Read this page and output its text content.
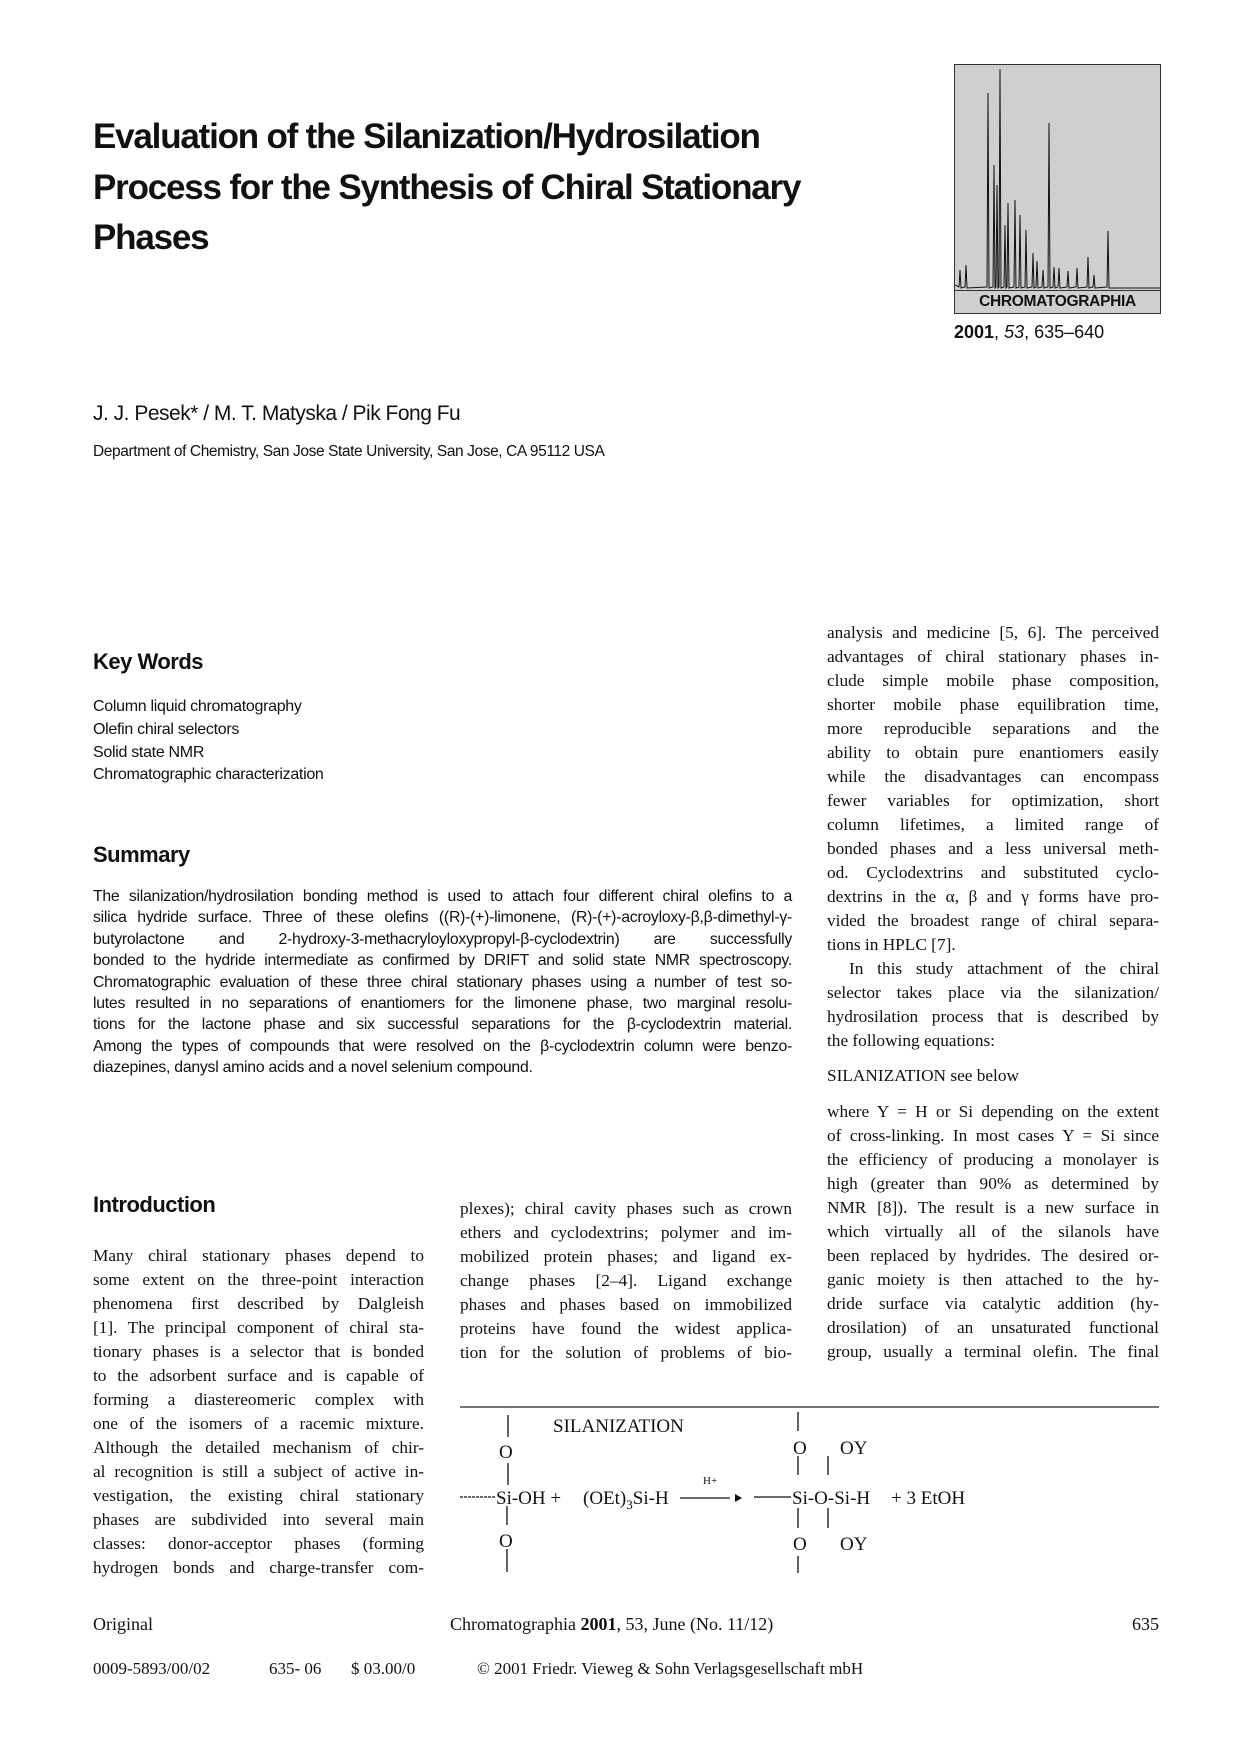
Evaluation of the Silanization/Hydrosilation
Process for the Synthesis of Chiral Stationary
Phases
CHROMATOGRAPHIA
2001, 53, 635–640
J. J. Pesek* / M. T. Matyska / Pik Fong Fu
Department of Chemistry, San Jose State University, San Jose, CA 95112 USA
Key Words
Column liquid chromatography
Olefin chiral selectors
Solid state NMR
Chromatographic characterization
Summary
The silanization/hydrosilation bonding method is used to attach four different chiral olefins to a
silica hydride surface. Three of these olefins ((R)-(+)-limonene, (R)-(+)-acroyloxy-β,β-dimethyl-γ-
butyrolactone and 2-hydroxy-3-methacryloyloxypropyl-β-cyclodextrin) are successfully
bonded to the hydride intermediate as confirmed by DRIFT and solid state NMR spectroscopy.
Chromatographic evaluation of these three chiral stationary phases using a number of test so-
lutes resulted in no separations of enantiomers for the limonene phase, two marginal resolu-
tions for the lactone phase and six successful separations for the β-cyclodextrin material.
Among the types of compounds that were resolved on the β-cyclodextrin column were benzo-
diazepines, danysl amino acids and a novel selenium compound.
Introduction
Many chiral stationary phases depend to
some extent on the three-point interaction
phenomena first described by Dalgleish
[1]. The principal component of chiral sta-
tionary phases is a selector that is bonded
to the adsorbent surface and is capable of
forming a diastereomeric complex with
one of the isomers of a racemic mixture.
Although the detailed mechanism of chir-
al recognition is still a subject of active in-
vestigation, the existing chiral stationary
phases are subdivided into several main
classes: donor-acceptor phases (forming
hydrogen bonds and charge-transfer com-
plexes); chiral cavity phases such as crown
ethers and cyclodextrins; polymer and im-
mobilized protein phases; and ligand ex-
change phases [2–4]. Ligand exchange
phases and phases based on immobilized
proteins have found the widest applica-
tion for the solution of problems of bio-
analysis and medicine [5, 6]. The perceived
advantages of chiral stationary phases in-
clude simple mobile phase composition,
shorter mobile phase equilibration time,
more reproducible separations and the
ability to obtain pure enantiomers easily
while the disadvantages can encompass
fewer variables for optimization, short
column lifetimes, a limited range of
bonded phases and a less universal meth-
od. Cyclodextrins and substituted cyclo-
dextrins in the α, β and γ forms have pro-
vided the broadest range of chiral separa-
tions in HPLC [7].
In this study attachment of the chiral
selector takes place via the silanization/
hydrosilation process that is described by
the following equations:
SILANIZATION see below
where Y = H or Si depending on the extent
of cross-linking. In most cases Y = Si since
the efficiency of producing a monolayer is
high (greater than 90% as determined by
NMR [8]). The result is a new surface in
which virtually all of the silanols have
been replaced by hydrides. The desired or-
ganic moiety is then attached to the hy-
dride surface via catalytic addition (hy-
drosilation) of an unsaturated functional
group, usually a terminal olefin. The final
SILANIZATION
O
O
$Si-OH + (OEt)_3Si-H$
H+
O OY
O OY
Si-O-Si-H + 3 EtOH
Original	Chromatographia 2001, 53, June (No. 11/12)	635
0009-5893/00/02	635- 06 $ 03.00/0	© 2001 Friedr. Vieweg & Sohn Verlagsgesellschaft mbH
